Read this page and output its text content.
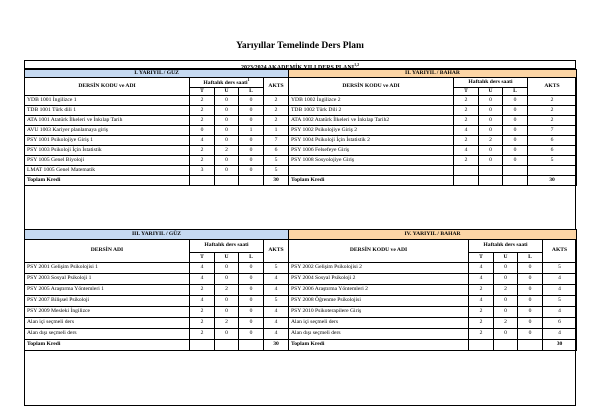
Yarıyıllar Temelinde Ders Planı
2023/2024 AKADEMİK YILI DERS PLANI$^{1,2}$
I. YARIYIL / GÜZ				
DERSİN KODU ve ADI	Haftalık ders saati$^1$			AKTS
	T	U	L	
YDB 1001 İngilizce 1	2	0	0	2
TDB 1001 Türk dili 1	2	0	0	2
ATA 1001 Atatürk İlkeleri ve İnkılap Tarih	2	0	0	2
AVU 1003 Kariyer planlamaya giriş	0	0	1	1
PSY 1001 Psikolojiye Giriş 1	4	0	0	7
PSY 1003 Psikoloji İçin İstatistik	2	2	0	6
PSY 1005 Genel Biyoloji	2	0	0	5
LMAT 1005 Genel Matematik	3	0	0	5
Toplam Kredi				30
II. YARIYIL / BAHAR				
DERSİN KODU ve ADI	Haftalık ders saati			AKTS
	T	U	L	
YDB 1002 İngilizce 2	2	0	0	2
TDB 1002 Türk Dili 2	2	0	0	2
ATA 1002 Atatürk İlkeleri ve İnkılap Tarih2	2	0	0	2
PSY 1002 Psikolojiye Giriş 2	4	0	0	7
PSY 1004 Psikoloji İçin İstatistik 2	2	2	0	6
PSY 1006 Felsefeye Giriş	4	0	0	6
PSY 1008 Sosyolojiye Giriş	2	0	0	5

Toplam Kredi				30
III. YARIYIL / GÜZ				
DERSİN ADI	Haftalık ders saati			AKTS
	T	U	L	
PSY 2001 Gelişim Psikolojisi 1	4	0	0	5
PSY 2003 Sosyal Psikoloji 1	4	0	0	4
PSY 2005 Araştırma Yöntemleri 1	2	2	0	4
PSY 2007 Bilişsel Psikoloji	4	0	0	5
PSY 2009 Mesleki İngilizce	2	0	0	4
Alan içi seçmeli ders	2	2	0	4
Alan dışı seçmeli ders	2	0	0	4
Toplam Kredi				30
IV. YARIYIL / BAHAR				
DERSİN KODU ve ADI	Haftalık ders saati			AKTS
	T	U	L	
PSY 2002 Gelişim Psikolojisi 2	4	0	0	5
PSY 2004 Sosyal Psikoloji 2	4	0	0	4
PSY 2006 Araştırma Yöntemleri 2	2	2	0	4
PSY 2008 Öğrenme Psikolojisi	4	0	0	5
PSY 2010 Psikoterapilere Giriş	2	0	0	4
Alan içi seçmeli ders	2	2	0	6
Alan dışı seçmeli ders	2	0	0	4
Toplam Kredi				30
